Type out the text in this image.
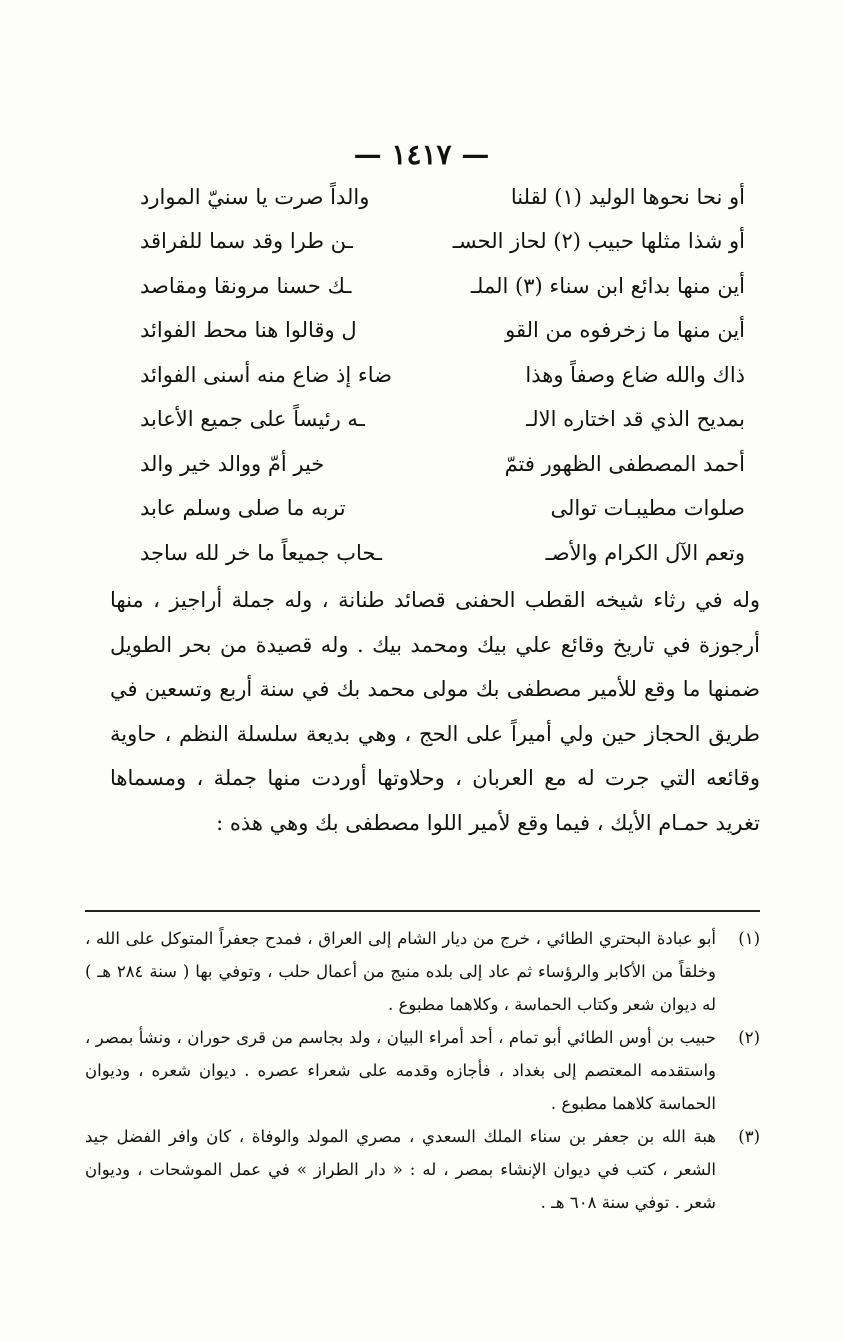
— ١٤١٧ —
أو نحا نحوها الوليد (١) لقلنا
والداً صرت يا سنيّ الموارد
أو شذا مثلها حبيب (٢) لحاز الحسـ
ـن طرا وقد سما للفراقد
أين منها بدائع ابن سناء (٣) الملـ
ـك حسنا مرونقا ومقاصد
أين منها ما زخرفوه من القو
ل وقالوا هنا محط الفوائد
ذاك والله ضاع وصفاً وهذا
ضاء إذ ضاع منه أسنى الفوائد
بمديح الذي قد اختاره الالـ
ـه رئيساً على جميع الأعابد
أحمد المصطفى الظهور فتمّ
خير أمّ ووالد خير والد
صلوات مطيبـات توالى
تربه ما صلى وسلم عابد
وتعم الآل الكرام والأصـ
ـحاب جميعاً ما خر لله ساجد

وله في رثاء شيخه القطب الحفنى قصائد طنانة ، وله جملة أراجيز ، منها أرجوزة في تاريخ وقائع علي بيك ومحمد بيك . وله قصيدة من بحر الطويل ضمنها ما وقع للأمير مصطفى بك مولى محمد بك في سنة أربع وتسعين في طريق الحجاز حين ولي أميراً على الحج ، وهي بديعة سلسلة النظم ، حاوية وقائعه التي جرت له مع العربان ، وحلاوتها أوردت منها جملة ، ومسماها تغريد حمـام الأيك ، فيما وقع لأمير اللوا مصطفى بك وهي هذه :

(١)
أبو عبادة البحتري الطائي ، خرج من ديار الشام إلى العراق ، فمدح جعفراً المتوكل على الله ، وخلقاً من الأكابر والرؤساء ثم عاد إلى بلده منبج من أعمال حلب ، وتوفي بها ( سنة ٢٨٤ هـ ) له ديوان شعر وكتاب الحماسة ، وكلاهما مطبوع .
(٢)
حبيب بن أوس الطائي أبو تمام ، أحد أمراء البيان ، ولد بجاسم من قرى حوران ، ونشأ بمصر ، واستقدمه المعتصم إلى بغداد ، فأجازه وقدمه على شعراء عصره . ديوان شعره ، وديوان الحماسة كلاهما مطبوع .
(٣)
هبة الله بن جعفر بن سناء الملك السعدي ، مصري المولد والوفاة ، كان وافر الفضل جيد الشعر ، كتب في ديوان الإنشاء بمصر ، له : « دار الطراز » في عمل الموشحات ، وديوان شعر . توفي سنة ٦٠٨ هـ .
